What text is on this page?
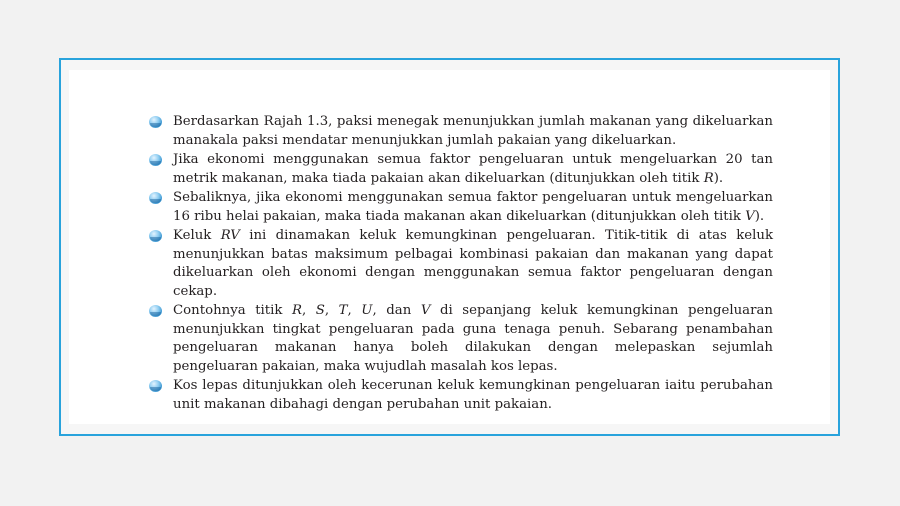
Berdasarkan Rajah 1.3, paksi menegak menunjukkan jumlah makanan yang dikeluarkan manakala paksi mendatar menunjukkan jumlah pakaian yang dikeluarkan.
Jika ekonomi menggunakan semua faktor pengeluaran untuk mengeluarkan 20 tan metrik makanan, maka tiada pakaian akan dikeluarkan (ditunjukkan oleh titik R).
Sebaliknya, jika ekonomi menggunakan semua faktor pengeluaran untuk mengeluarkan 16 ribu helai pakaian, maka tiada makanan akan dikeluarkan (ditunjukkan oleh titik V).
Keluk RV ini dinamakan keluk kemungkinan pengeluaran. Titik-titik di atas keluk menunjukkan batas maksimum pelbagai kombinasi pakaian dan makanan yang dapat dikeluarkan oleh ekonomi dengan menggunakan semua faktor pengeluaran dengan cekap.
Contohnya titik R, S, T, U, dan V di sepanjang keluk kemungkinan pengeluaran menunjukkan tingkat pengeluaran pada guna tenaga penuh. Sebarang penambahan pengeluaran makanan hanya boleh dilakukan dengan melepaskan sejumlah pengeluaran pakaian, maka wujudlah masalah kos lepas.
Kos lepas ditunjukkan oleh kecerunan keluk kemungkinan pengeluaran iaitu perubahan unit makanan dibahagi dengan perubahan unit pakaian.
